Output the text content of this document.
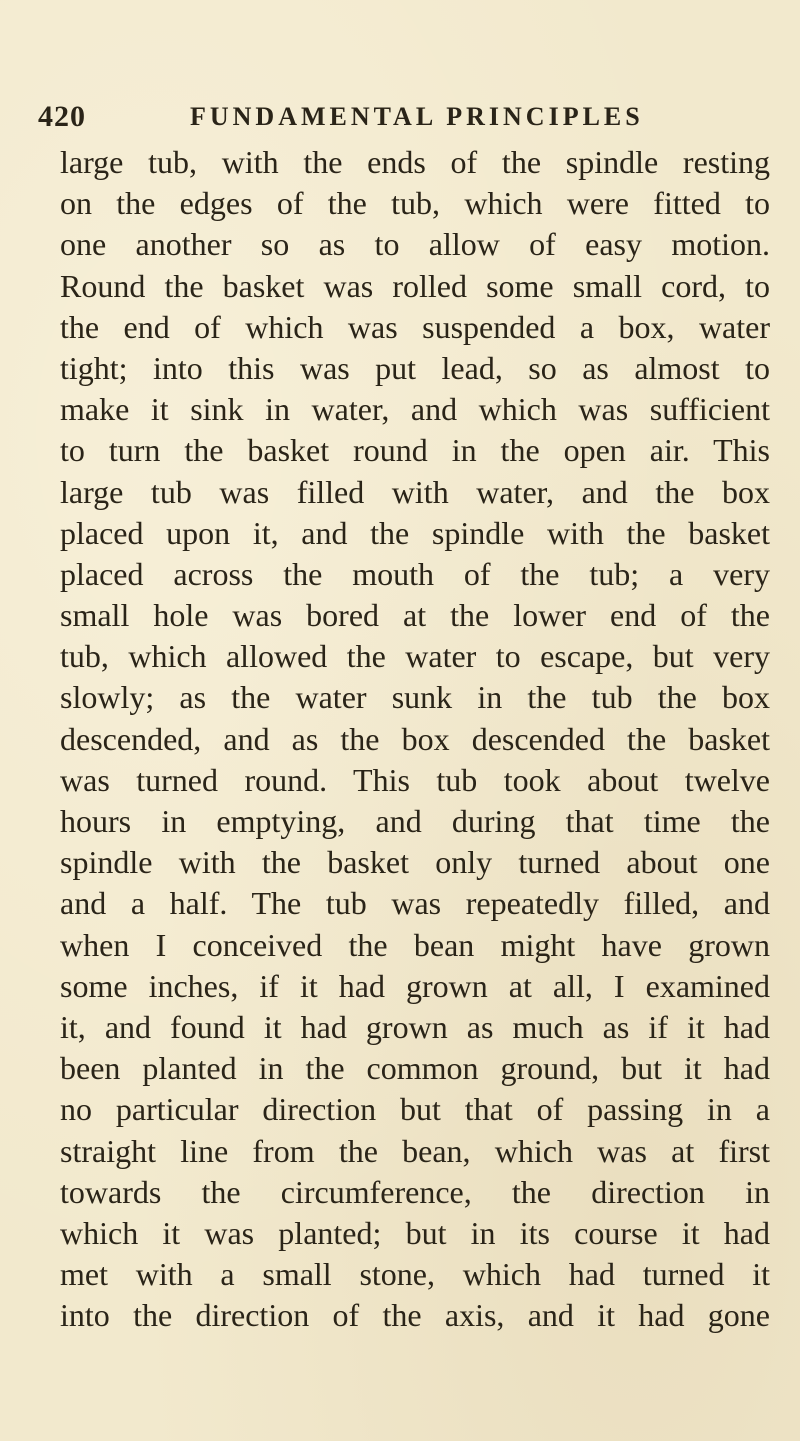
420	FUNDAMENTAL PRINCIPLES
large tub, with the ends of the spindle resting
on the edges of the tub, which were fitted to
one another so as to allow of easy motion.
Round the basket was rolled some small cord, to
the end of which was suspended a box, water
tight; into this was put lead, so as almost to
make it sink in water, and which was sufficient
to turn the basket round in the open air. This
large tub was filled with water, and the box
placed upon it, and the spindle with the basket
placed across the mouth of the tub; a very
small hole was bored at the lower end of the
tub, which allowed the water to escape, but very
slowly; as the water sunk in the tub the box
descended, and as the box descended the basket
was turned round. This tub took about twelve
hours in emptying, and during that time the
spindle with the basket only turned about one
and a half. The tub was repeatedly filled, and
when I conceived the bean might have grown
some inches, if it had grown at all, I examined
it, and found it had grown as much as if it had
been planted in the common ground, but it had
no particular direction but that of passing in a
straight line from the bean, which was at first
towards the circumference, the direction in
which it was planted; but in its course it had
met with a small stone, which had turned it
into the direction of the axis, and it had gone
